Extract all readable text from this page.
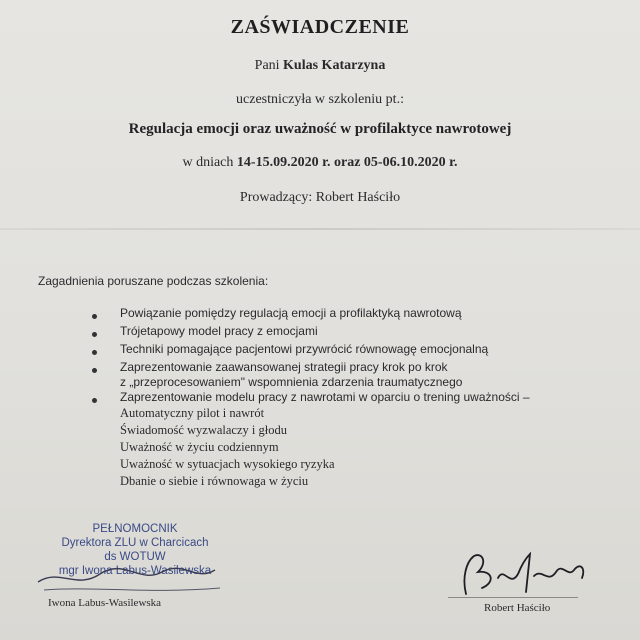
ZAŚWIADCZENIE
Pani Kulas Katarzyna
uczestniczyła w szkoleniu pt.:
Regulacja emocji oraz uważność w profilaktyce nawrotowej
w dniach 14-15.09.2020 r. oraz 05-06.10.2020 r.
Prowadzący: Robert Haściło
Zagadnienia poruszane podczas szkolenia:
Powiązanie pomiędzy regulacją emocji a profilaktyką nawrotową
Trójetapowy model pracy z emocjami
Techniki pomagające pacjentowi przywrócić równowagę emocjonalną
Zaprezentowanie zaawansowanej strategii pracy krok po krok
z „przeprocesowaniem" wspomnienia zdarzenia traumatycznego
Zaprezentowanie modelu pracy z nawrotami w oparciu o trening uważności –
Automatyczny pilot i nawrót
Świadomość wyzwalaczy i głodu
Uważność w życiu codziennym
Uważność w sytuacjach wysokiego ryzyka
Dbanie o siebie i równowaga w życiu
PEŁNOMOCNIK
Dyrektora ZLU w Charcicach
ds WOTUW
mgr Iwona Labus-Wasilewska
Iwona Labus-Wasilewska	Robert Haściło
